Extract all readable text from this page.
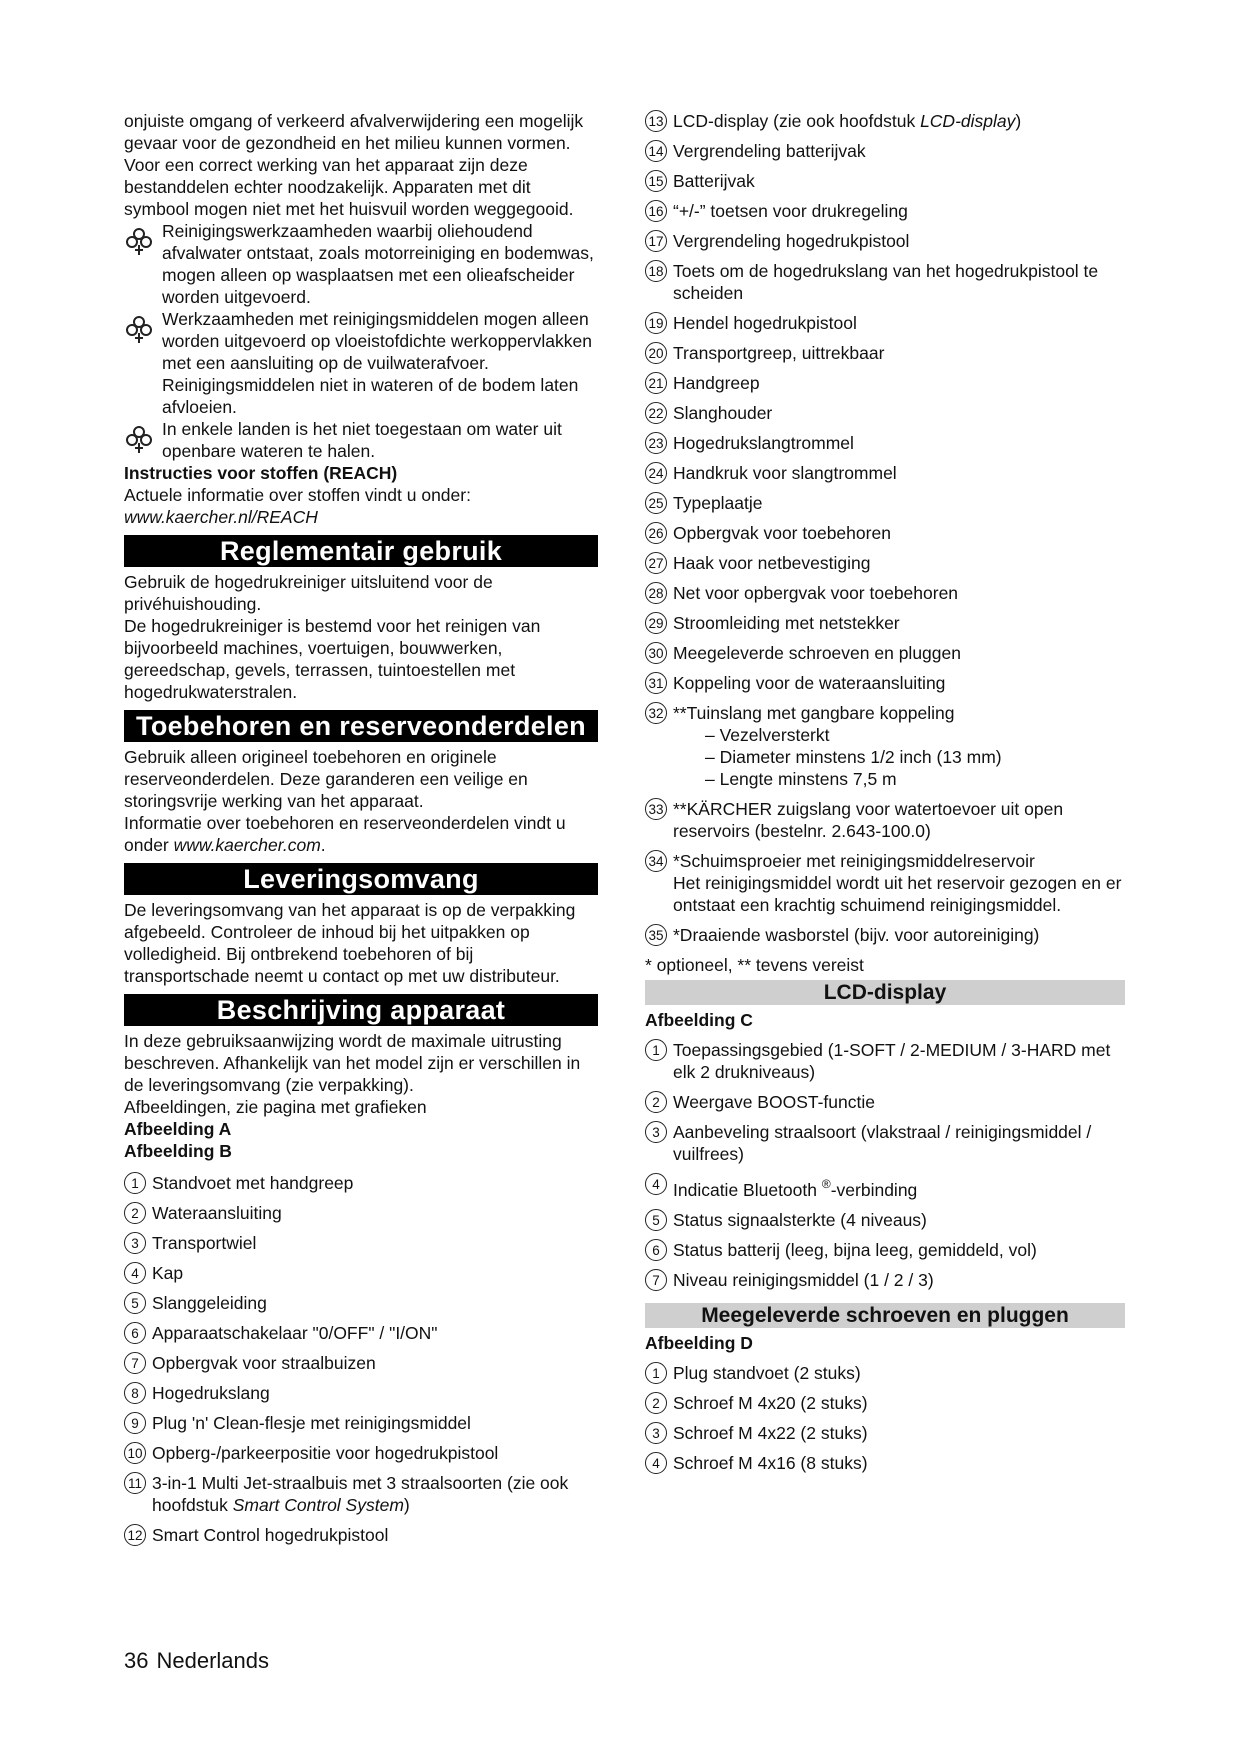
onjuiste omgang of verkeerd afvalverwijdering een mogelijk gevaar voor de gezondheid en het milieu kunnen vormen. Voor een correct werking van het apparaat zijn deze bestanddelen echter noodzakelijk. Apparaten met dit symbool mogen niet met het huisvuil worden weggegooid.

Reinigingswerkzaamheden waarbij oliehoudend afvalwater ontstaat, zoals motorreiniging en bodemwas, mogen alleen op wasplaatsen met een olieafscheider worden uitgevoerd.

Werkzaamheden met reinigingsmiddelen mogen alleen worden uitgevoerd op vloeistofdichte werkoppervlakken met een aansluiting op de vuilwaterafvoer. Reinigingsmiddelen niet in wateren of de bodem laten afvloeien.

In enkele landen is het niet toegestaan om water uit openbare wateren te halen.

Instructies voor stoffen (REACH)

Actuele informatie over stoffen vindt u onder: www.kaercher.nl/REACH

Reglementair gebruik

Gebruik de hogedrukreiniger uitsluitend voor de privéhuishouding.

De hogedrukreiniger is bestemd voor het reinigen van bijvoorbeeld machines, voertuigen, bouwwerken, gereedschap, gevels, terrassen, tuintoestellen met hogedrukwaterstralen.

Toebehoren en reserveonderdelen

Gebruik alleen origineel toebehoren en originele reserveonderdelen. Deze garanderen een veilige en storingsvrije werking van het apparaat.

Informatie over toebehoren en reserveonderdelen vindt u onder www.kaercher.com.

Leveringsomvang

De leveringsomvang van het apparaat is op de verpakking afgebeeld. Controleer de inhoud bij het uitpakken op volledigheid. Bij ontbrekend toebehoren of bij transportschade neemt u contact op met uw distributeur.

Beschrijving apparaat

In deze gebruiksaanwijzing wordt de maximale uitrusting beschreven. Afhankelijk van het model zijn er verschillen in de leveringsomvang (zie verpakking).

Afbeeldingen, zie pagina met grafieken

Afbeelding A

Afbeelding B

1 Standvoet met handgreep

2 Wateraansluiting

3 Transportwiel

4 Kap

5 Slanggeleiding

6 Apparaatschakelaar "0/OFF" / "I/ON"

7 Opbergvak voor straalbuizen

8 Hogedrukslang

9 Plug 'n' Clean-flesje met reinigingsmiddel

10 Opberg-/parkeerpositie voor hogedrukpistool

11 3-in-1 Multi Jet-straalbuis met 3 straalsoorten (zie ook hoofdstuk Smart Control System)

12 Smart Control hogedrukpistool

13 LCD-display (zie ook hoofdstuk LCD-display)

14 Vergrendeling batterijvak

15 Batterijvak

16 “+/-” toetsen voor drukregeling

17 Vergrendeling hogedrukpistool

18 Toets om de hogedrukslang van het hogedrukpistool te scheiden

19 Hendel hogedrukpistool

20 Transportgreep, uittrekbaar

21 Handgreep

22 Slanghouder

23 Hogedrukslangtrommel

24 Handkruk voor slangtrommel

25 Typeplaatje

26 Opbergvak voor toebehoren

27 Haak voor netbevestiging

28 Net voor opbergvak voor toebehoren

29 Stroomleiding met netstekker

30 Meegeleverde schroeven en pluggen

31 Koppeling voor de wateraansluiting

32 **Tuinslang met gangbare koppeling

– Vezelversterkt

– Diameter minstens 1/2 inch (13 mm)

– Lengte minstens 7,5 m

33 **KÄRCHER zuigslang voor watertoevoer uit open reservoirs (bestelnr. 2.643-100.0)

34 *Schuimsproeier met reinigingsmiddelreservoir

Het reinigingsmiddel wordt uit het reservoir gezogen en er ontstaat een krachtig schuimend reinigingsmiddel.

35 *Draaiende wasborstel (bijv. voor autoreiniging)

* optioneel, ** tevens vereist

LCD-display

Afbeelding C

1 Toepassingsgebied (1-SOFT / 2-MEDIUM / 3-HARD met elk 2 drukniveaus)

2 Weergave BOOST-functie

3 Aanbeveling straalsoort (vlakstraal / reinigingsmiddel / vuilfrees)

4 Indicatie Bluetooth ®-verbinding

5 Status signaalsterkte (4 niveaus)

6 Status batterij (leeg, bijna leeg, gemiddeld, vol)

7 Niveau reinigingsmiddel (1 / 2 / 3)

Meegeleverde schroeven en pluggen

Afbeelding D

1 Plug standvoet (2 stuks)

2 Schroef M 4x20 (2 stuks)

3 Schroef M 4x22 (2 stuks)

4 Schroef M 4x16 (8 stuks)

36 Nederlands
